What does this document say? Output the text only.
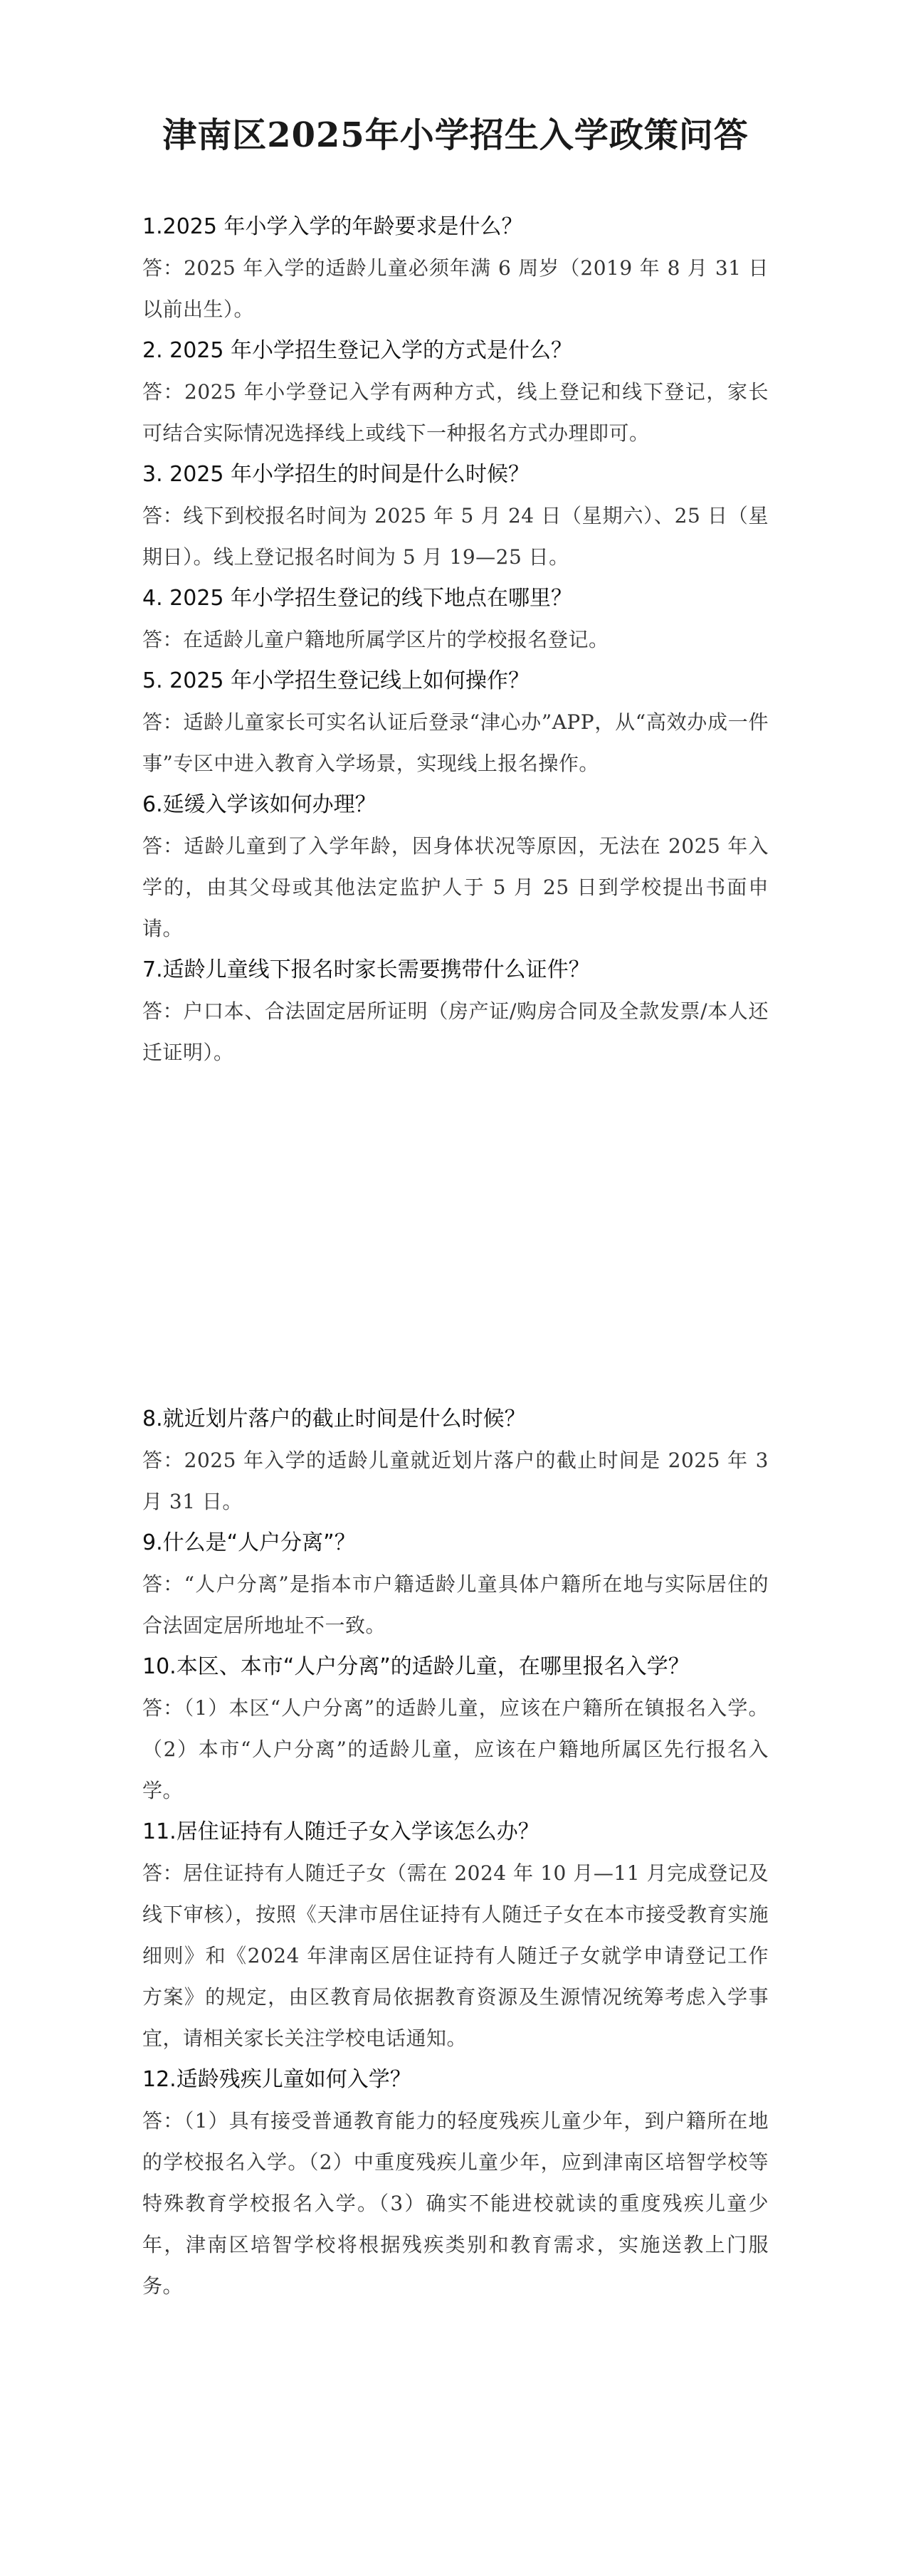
津南区2025年小学招生入学政策问答

1.2025 年小学入学的年龄要求是什么？

答：2025 年入学的适龄儿童必须年满 6 周岁（2019 年 8 月 31 日以前出生）。

2. 2025 年小学招生登记入学的方式是什么？

答：2025 年小学登记入学有两种方式，线上登记和线下登记，家长可结合实际情况选择线上或线下一种报名方式办理即可。

3. 2025 年小学招生的时间是什么时候？

答：线下到校报名时间为 2025 年 5 月 24 日（星期六）、25 日（星期日）。线上登记报名时间为 5 月 19—25 日。

4. 2025 年小学招生登记的线下地点在哪里？

答：在适龄儿童户籍地所属学区片的学校报名登记。

5. 2025 年小学招生登记线上如何操作？

答：适龄儿童家长可实名认证后登录“津心办”APP，从“高效办成一件事”专区中进入教育入学场景，实现线上报名操作。

6.延缓入学该如何办理？

答：适龄儿童到了入学年龄，因身体状况等原因，无法在 2025 年入学的，由其父母或其他法定监护人于 5 月 25 日到学校提出书面申请。

7.适龄儿童线下报名时家长需要携带什么证件？

答：户口本、合法固定居所证明（房产证/购房合同及全款发票/本人还迁证明）。

8.就近划片落户的截止时间是什么时候？

答：2025 年入学的适龄儿童就近划片落户的截止时间是 2025 年 3 月 31 日。

9.什么是“人户分离”？

答：“人户分离”是指本市户籍适龄儿童具体户籍所在地与实际居住的合法固定居所地址不一致。

10.本区、本市“人户分离”的适龄儿童，在哪里报名入学？

答：（1）本区“人户分离”的适龄儿童，应该在户籍所在镇报名入学。（2）本市“人户分离”的适龄儿童，应该在户籍地所属区先行报名入学。

11.居住证持有人随迁子女入学该怎么办？

答：居住证持有人随迁子女（需在 2024 年 10 月—11 月完成登记及线下审核），按照《天津市居住证持有人随迁子女在本市接受教育实施细则》和《2024 年津南区居住证持有人随迁子女就学申请登记工作方案》的规定，由区教育局依据教育资源及生源情况统筹考虑入学事宜，请相关家长关注学校电话通知。

12.适龄残疾儿童如何入学？

答：（1）具有接受普通教育能力的轻度残疾儿童少年，到户籍所在地的学校报名入学。（2）中重度残疾儿童少年，应到津南区培智学校等特殊教育学校报名入学。（3）确实不能进校就读的重度残疾儿童少年，津南区培智学校将根据残疾类别和教育需求，实施送教上门服务。
